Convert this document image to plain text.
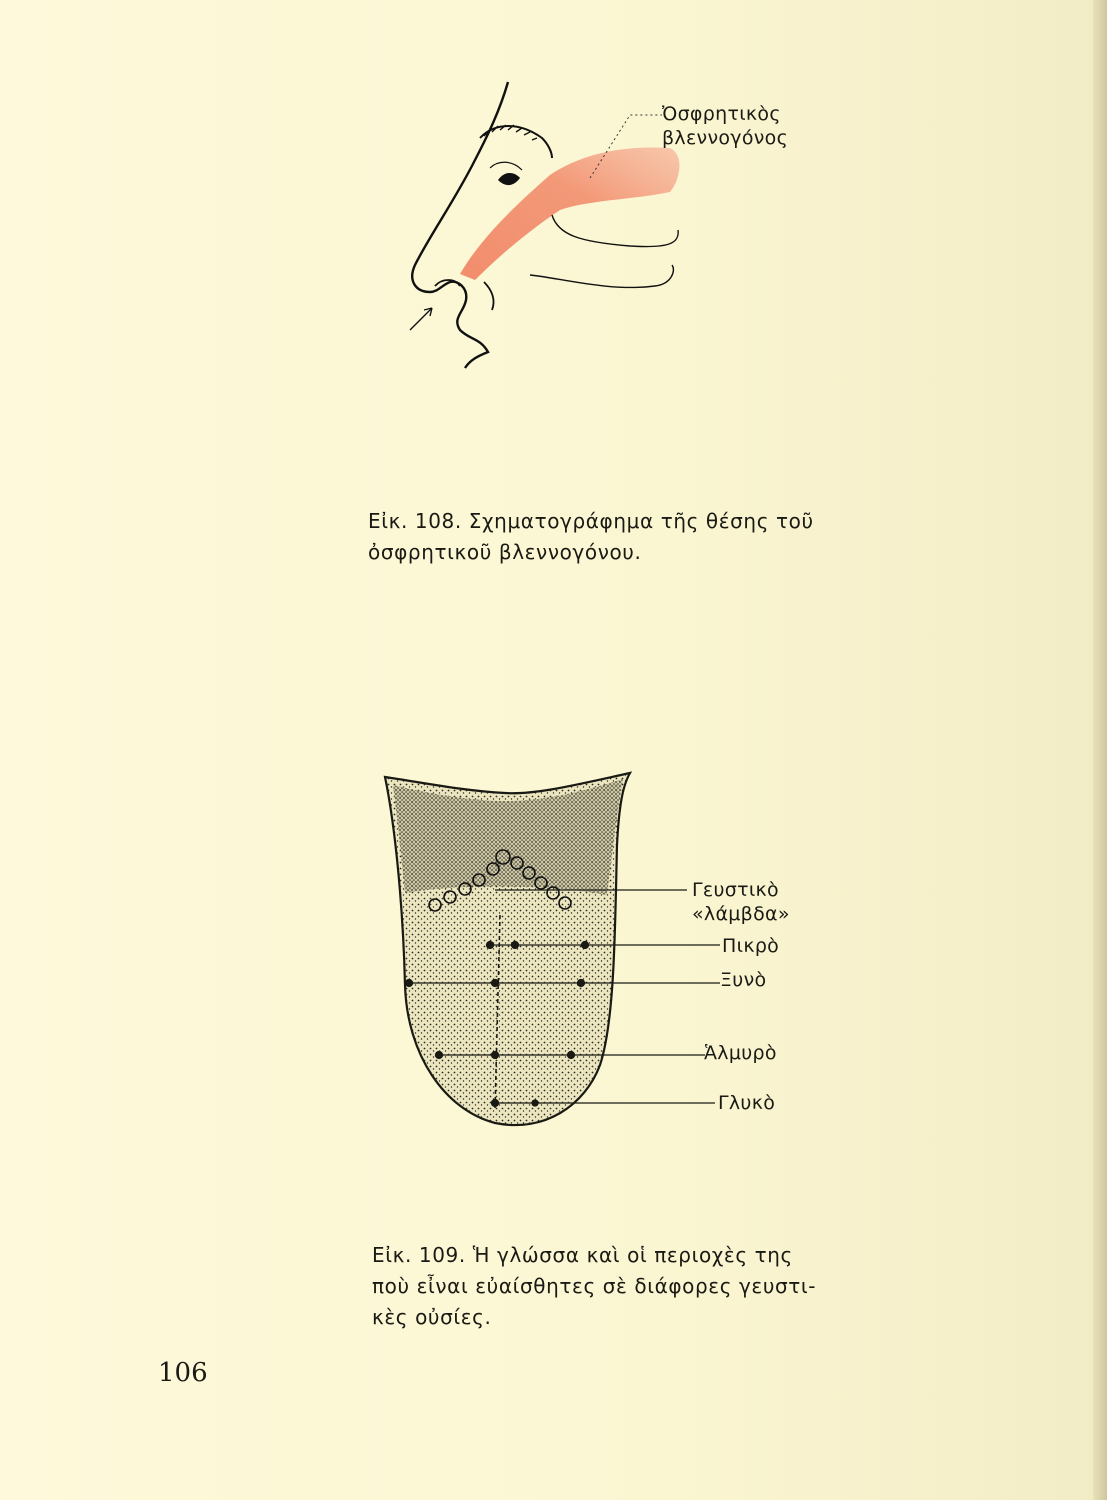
Ὀσφρητικὸς
βλεννογόνος
Εἰκ. 108. Σχηματογράφημα τῆς θέσης τοῦ
ὀσφρητικοῦ βλεννογόνου.
Γευστικὸ
«λάμβδα»
Πικρὸ
Ξυνὸ
Ἁλμυρὸ
Γλυκὸ
Εἰκ. 109. Ἡ γλώσσα καὶ οἱ περιοχὲς της
ποὺ εἶναι εὐαίσθητες σὲ διάφορες γευστι-
κὲς οὐσίες.
106
